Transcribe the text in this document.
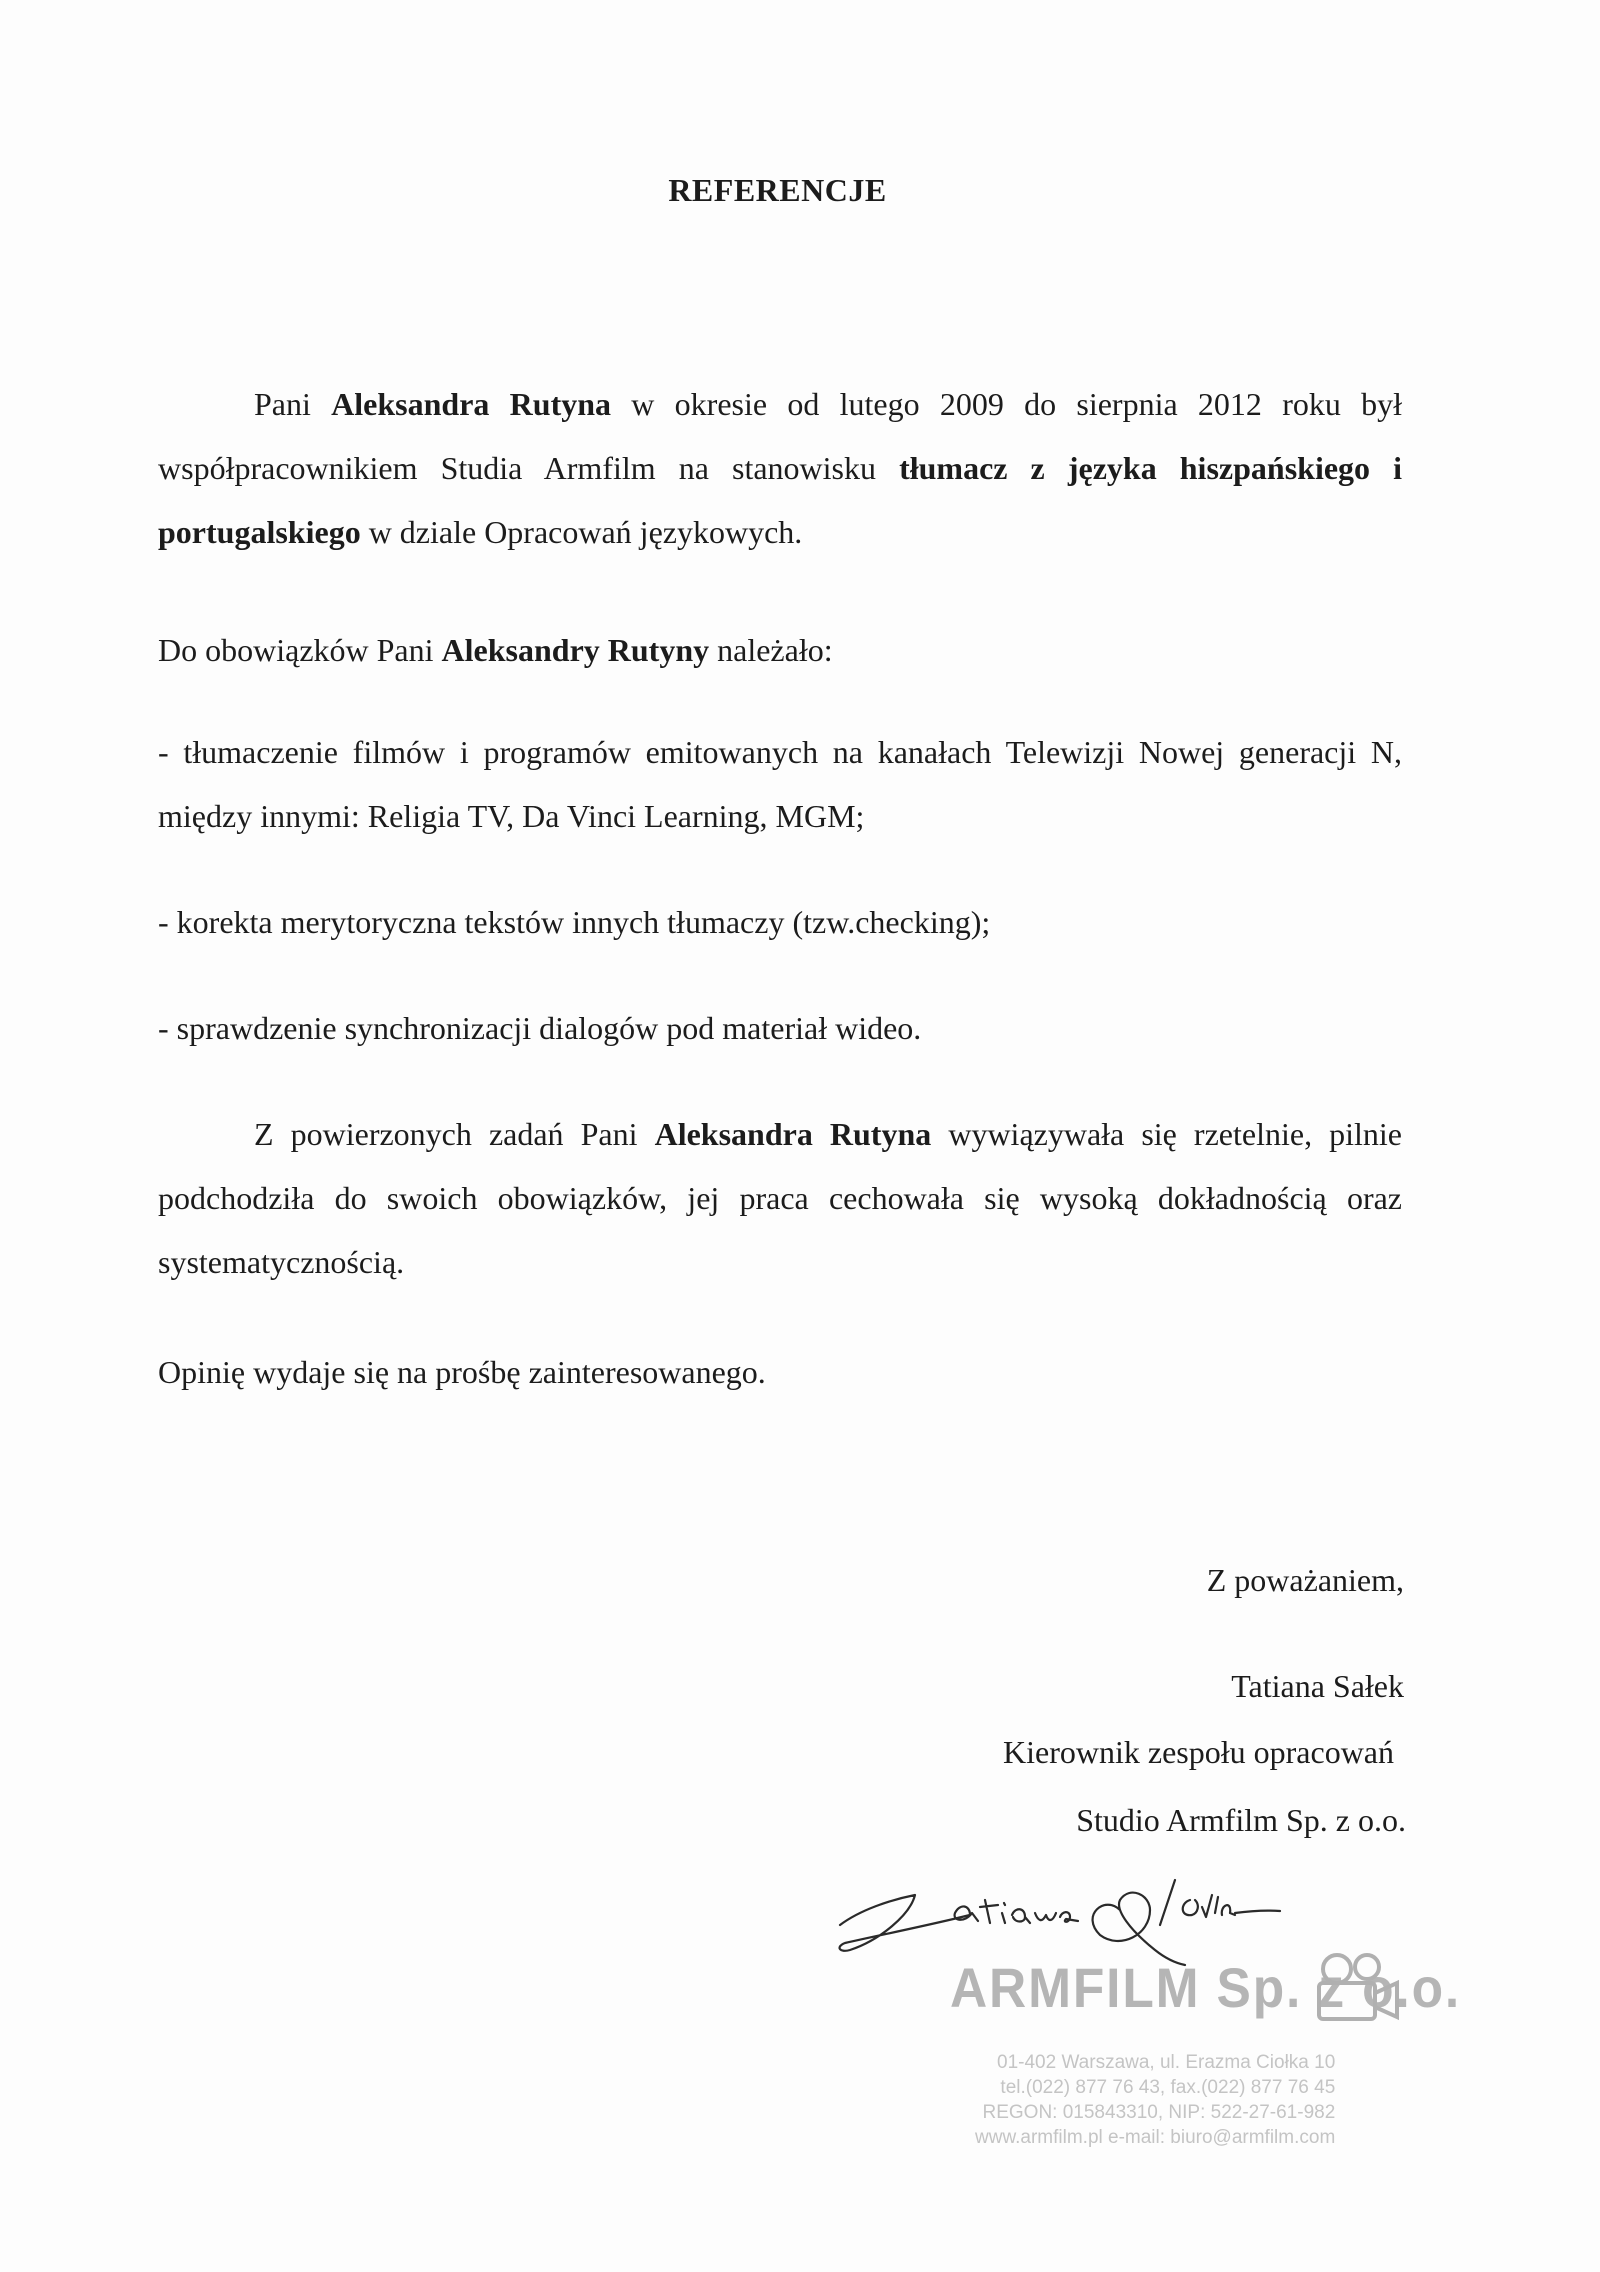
REFERENCJE

Pani Aleksandra Rutyna w okresie od lutego 2009 do sierpnia 2012 roku był współpracownikiem Studia Armfilm na stanowisku tłumacz z języka hiszpańskiego i portugalskiego w dziale Opracowań językowych.

Do obowiązków Pani Aleksandry Rutyny należało:

- tłumaczenie filmów i programów emitowanych na kanałach Telewizji Nowej generacji N, między innymi: Religia TV, Da Vinci Learning, MGM;

- korekta merytoryczna tekstów innych tłumaczy (tzw.checking);

- sprawdzenie synchronizacji dialogów pod materiał wideo.

Z powierzonych zadań Pani Aleksandra Rutyna wywiązywała się rzetelnie, pilnie podchodziła do swoich obowiązków, jej praca cechowała się wysoką dokładnością oraz systematycznością.

Opinię wydaje się na prośbę zainteresowanego.

Z poważaniem,
Tatiana Sałek
Kierownik zespołu opracowań
Studio Armfilm Sp. z o.o.
ARMFILM Sp. z o.o.
01-402 Warszawa, ul. Erazma Ciołka 10
tel.(022) 877 76 43, fax.(022) 877 76 45
REGON: 015843310, NIP: 522-27-61-982
www.armfilm.pl e-mail: biuro@armfilm.com
